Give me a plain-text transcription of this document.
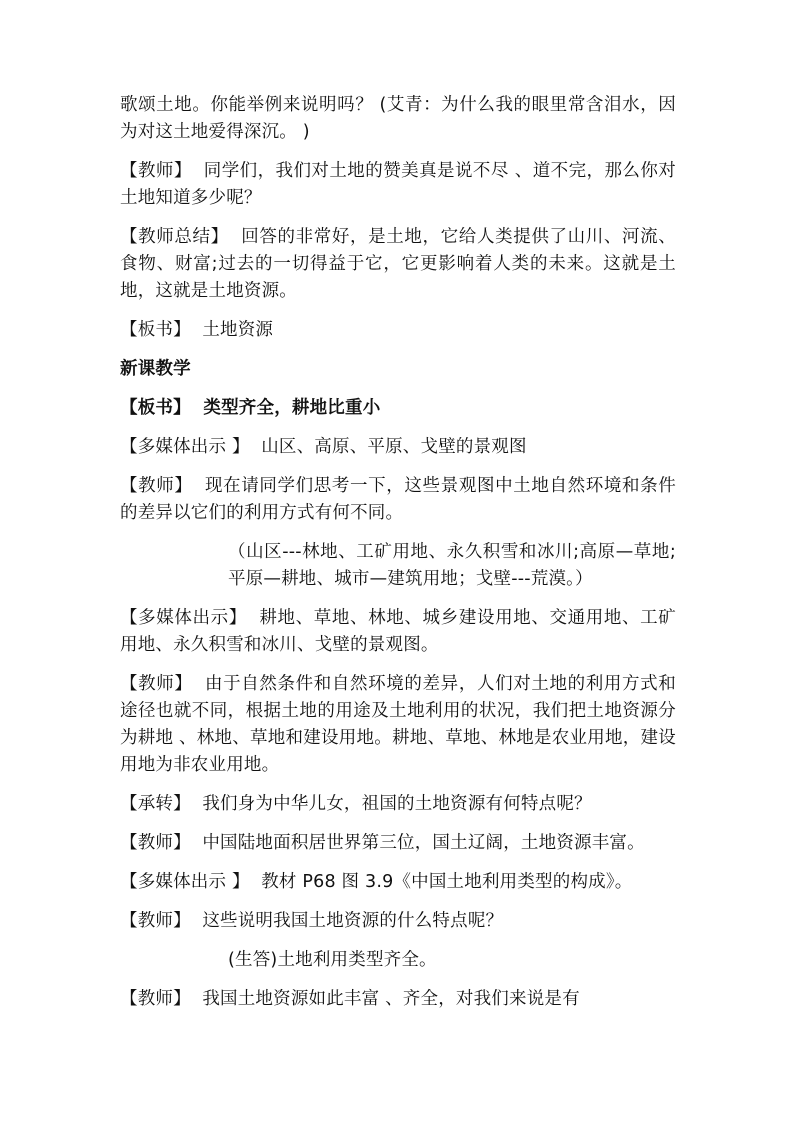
歌颂土地。你能举例来说明吗？ (艾青：为什么我的眼里常含泪水，因为对这土地爱得深沉。 )

【教师】  同学们，我们对土地的赞美真是说不尽 、道不完，那么你对土地知道多少呢？

【教师总结】  回答的非常好，是土地，它给人类提供了山川、河流、食物、财富;过去的一切得益于它，它更影响着人类的未来。这就是土地，这就是土地资源。

【板书】  土地资源

新课教学

【板书】  类型齐全，耕地比重小

【多媒体出示 】  山区、高原、平原、戈壁的景观图

【教师】  现在请同学们思考一下，这些景观图中土地自然环境和条件的差异以它们的利用方式有何不同。

（山区---林地、工矿用地、永久积雪和冰川;高原—草地;平原—耕地、城市—建筑用地；戈壁---荒漠。）

【多媒体出示】  耕地、草地、林地、城乡建设用地、交通用地、工矿用地、永久积雪和冰川、戈壁的景观图。

【教师】  由于自然条件和自然环境的差异，人们对土地的利用方式和途径也就不同，根据土地的用途及土地利用的状况，我们把土地资源分为耕地 、林地、草地和建设用地。耕地、草地、林地是农业用地，建设用地为非农业用地。

【承转】  我们身为中华儿女，祖国的土地资源有何特点呢？

【教师】  中国陆地面积居世界第三位，国土辽阔，土地资源丰富。

【多媒体出示 】  教材 P68 图 3.9《中国土地利用类型的构成》。

【教师】  这些说明我国土地资源的什么特点呢？

(生答)土地利用类型齐全。

【教师】  我国土地资源如此丰富 、齐全，对我们来说是有
